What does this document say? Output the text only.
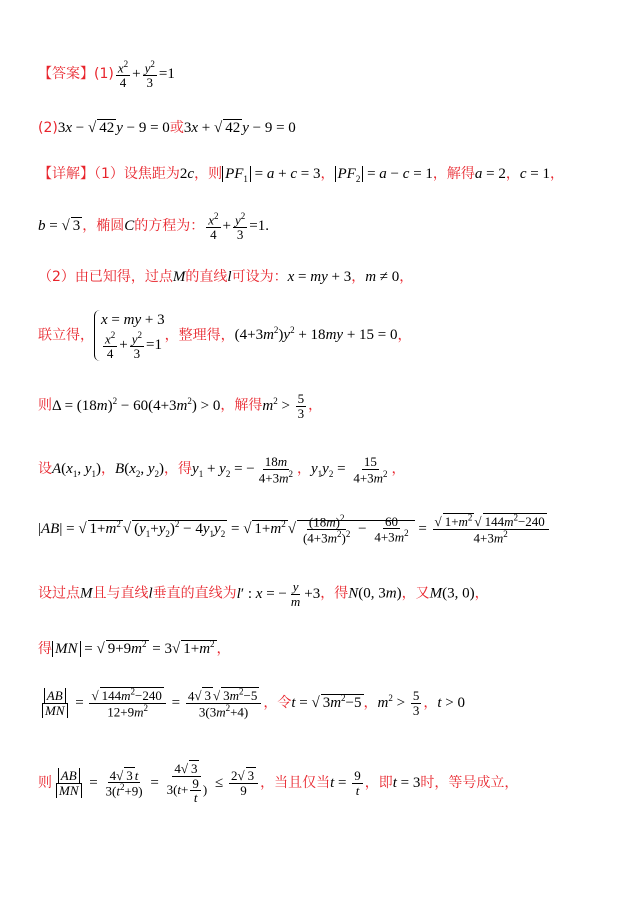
【答案】$(1) \frac{x^2}{4} + \frac{y^2}{3} =1$
(2)3x − √ 42 y − 9 = 0或3x + √ 42 y − 9 = 0
【详解】（1）设焦距为2c，则 $PF_1 = a + c = 3$， $PF_2 = a - c = 1$，解得a = 2，c = 1，
b = √ 3 ，椭圆C的方程为： $\frac{x^2}{4} + \frac{y^2}{3} =1$.
（2）由已知得，过点M的直线l可设为：x = my + 3，m ≠ 0，
联立得，
x = my + 3
$\frac{x^2}{4} + \frac{y^2}{3} =1$
，整理得，$(4+3m^2)y^2 + 18my + 15 = 0$，
则$\Delta = (18m)^2 - 60(4+3m^2) > 0$，解得$m^2 > \frac{5}{3}$ ，
设$A(x_1$, $y_1$)，$B(x_2$, $y_2$)，得$y_1 + y_2$ = − $\frac{18m}{4+3m^2}$ ，$y_1y_2 = \frac{15}{4+3m^2}$ ，
|AB| = √ $1+m^2√$ $(y_1+y_2)^2 - 4y_1y_2$ = √ $1+m^2√ \frac{(18m)^2}{(4+3m^2)^2} - \frac{60}{4+3m^2}$ =
√ $\frac{1+m^2√ 144m^2-240}{4+3m^2}$
设过点M且与直线l垂直的直线为l′ : x = − $\frac{y}{m} +3$，得N(0, 3m)，又M(3, 0)，
得 MN = √ $9+9m^2 = 3√$ $1+m^2$ ，
$\frac{AB}{MN}$ =
√ $\frac{144m^2-240}{12+9m^2} = \frac{4√ 3√ 3m^2-5}{3(3m^2+4)}$ ，令t = √ $3m^2-5$ ，$m^2 > \frac{5}{3}$ ，t > 0
则 $\frac{AB}{MN} = \frac{4√ 3 t}{3(t^2+9)} = \frac{4√ 3}{3(t+ \frac{9}{t} )} \le \frac{2√ 3}{9}$ ，当且仅当$t = \frac{9}{t}$ ，即t = 3时，等号成立，
